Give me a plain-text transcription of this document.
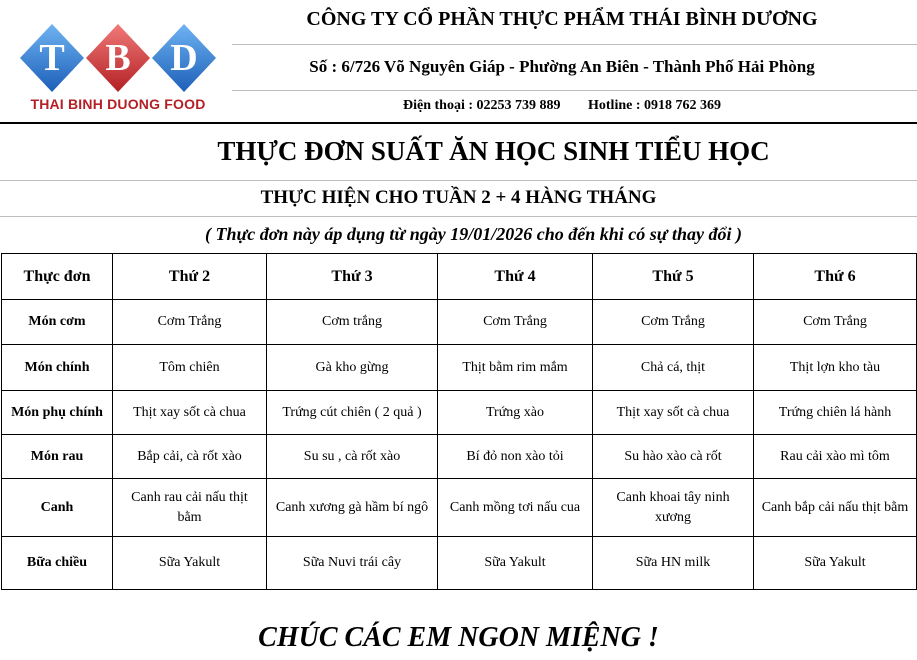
T B D
THAI BINH DUONG FOOD
CÔNG TY CỔ PHẦN THỰC PHẨM THÁI BÌNH DƯƠNG
Số : 6/726 Võ Nguyên Giáp - Phường An Biên - Thành Phố Hải Phòng
Điện thoại : 02253 739 889 Hotline : 0918 762 369
THỰC ĐƠN SUẤT ĂN HỌC SINH TIỂU HỌC
THỰC HIỆN CHO TUẦN 2 + 4 HÀNG THÁNG
( Thực đơn này áp dụng từ ngày 19/01/2026 cho đến khi có sự thay đổi )
Thực đơn	Thứ 2	Thứ 3	Thứ 4	Thứ 5	Thứ 6
Món cơm	Cơm Trắng	Cơm trắng	Cơm Trắng	Cơm Trắng	Cơm Trắng
Món chính	Tôm chiên	Gà kho gừng	Thịt bằm rim mắm	Chả cá, thịt	Thịt lợn kho tàu
Món phụ chính	Thịt xay sốt cà chua	Trứng cút chiên ( 2 quả )	Trứng xào	Thịt xay sốt cà chua	Trứng chiên lá hành
Món rau	Bắp cải, cà rốt xào	Su su , cà rốt xào	Bí đỏ non xào tỏi	Su hào xào cà rốt	Rau cải xào mì tôm
Canh	Canh rau cải nấu thịt bằm	Canh xương gà hầm bí ngô	Canh mồng tơi nấu cua	Canh khoai tây ninh xương	Canh bắp cải nấu thịt bằm
Bữa chiều	Sữa Yakult	Sữa Nuvi trái cây	Sữa Yakult	Sữa HN milk	Sữa Yakult
CHÚC CÁC EM NGON MIỆNG !
